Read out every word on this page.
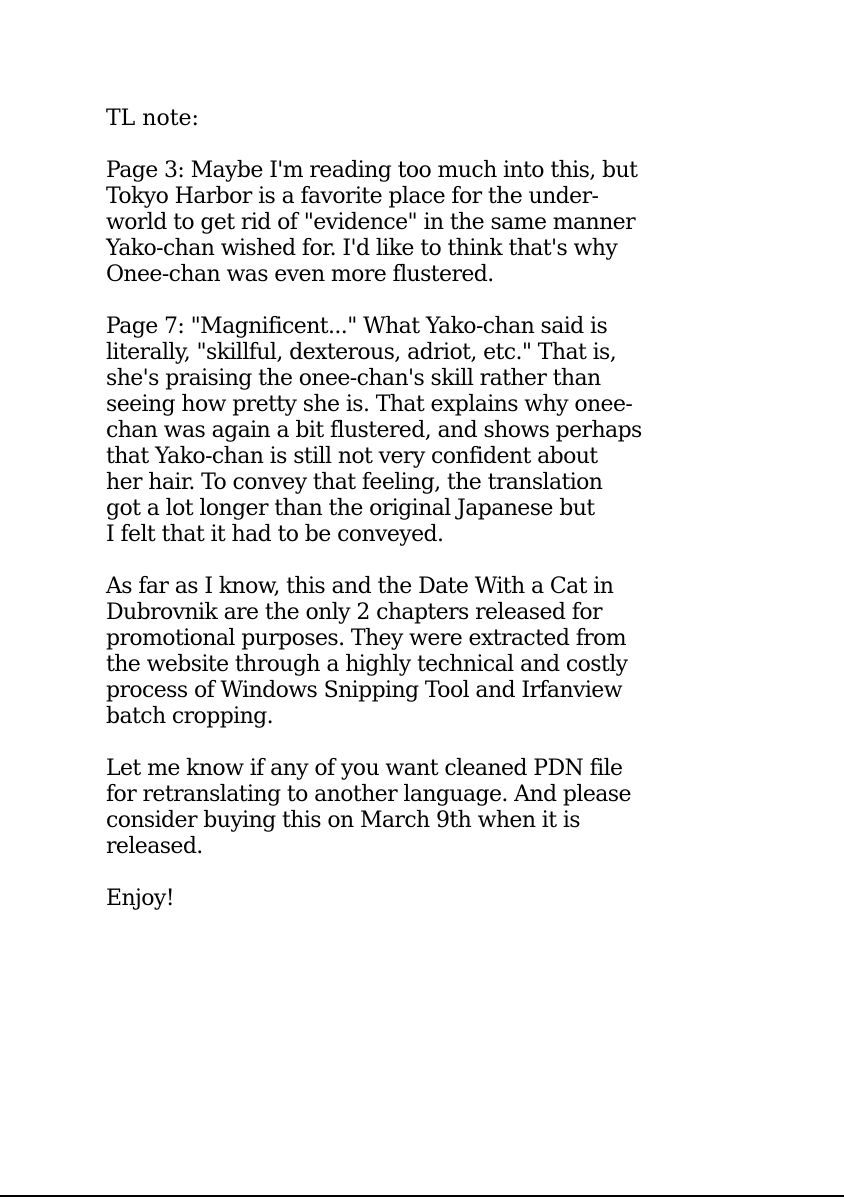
TL note:
Page 3: Maybe I'm reading too much into this, but
Tokyo Harbor is a favorite place for the under-
world to get rid of "evidence" in the same manner
Yako-chan wished for. I'd like to think that's why
Onee-chan was even more flustered.
Page 7: "Magnificent..." What Yako-chan said is
literally, "skillful, dexterous, adriot, etc." That is,
she's praising the onee-chan's skill rather than
seeing how pretty she is. That explains why onee-
chan was again a bit flustered, and shows perhaps
that Yako-chan is still not very confident about
her hair. To convey that feeling, the translation
got a lot longer than the original Japanese but
I felt that it had to be conveyed.
As far as I know, this and the Date With a Cat in
Dubrovnik are the only 2 chapters released for
promotional purposes. They were extracted from
the website through a highly technical and costly
process of Windows Snipping Tool and Irfanview
batch cropping.
Let me know if any of you want cleaned PDN file
for retranslating to another language. And please
consider buying this on March 9th when it is
released.
Enjoy!
